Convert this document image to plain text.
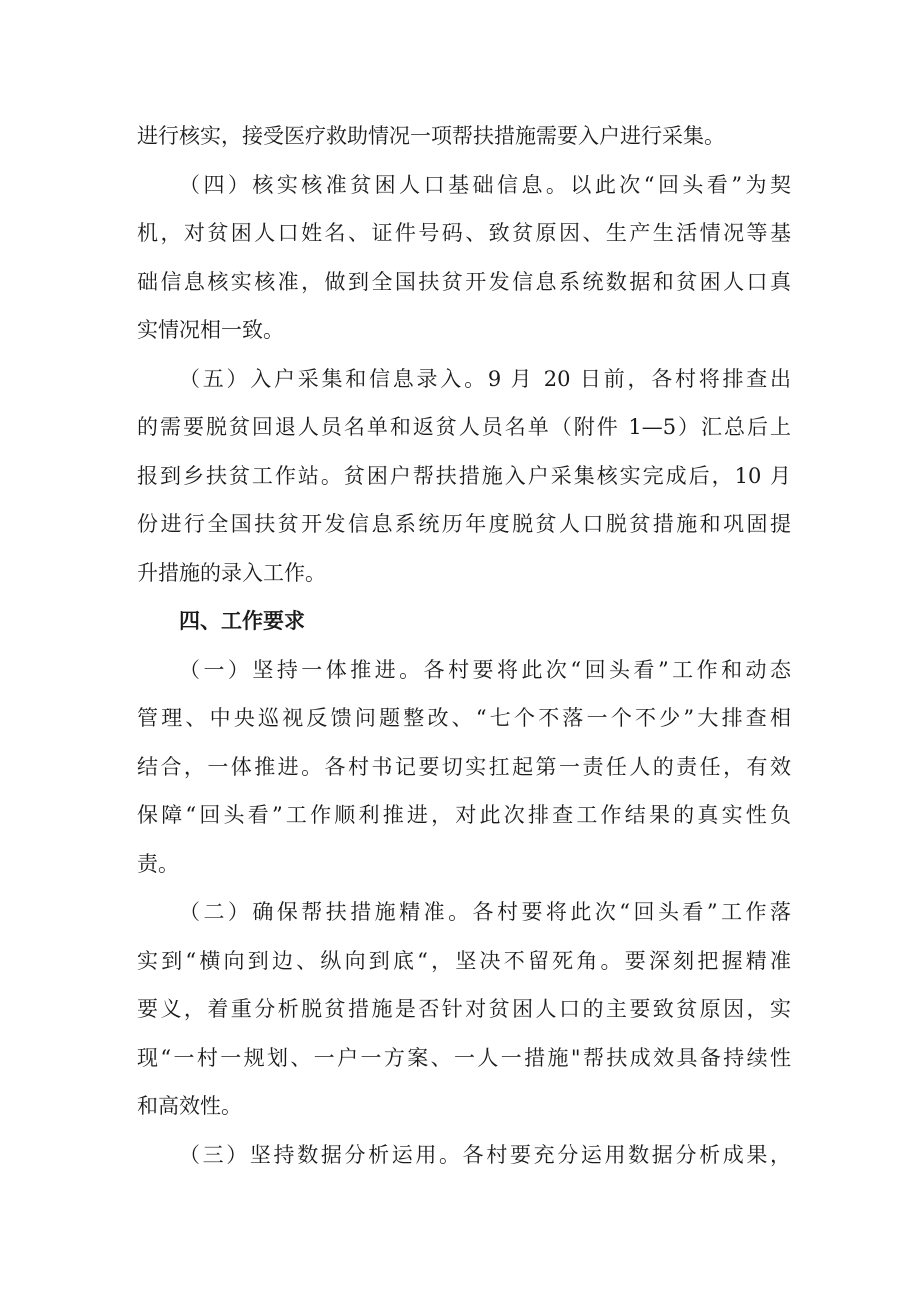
进行核实，接受医疗救助情况一项帮扶措施需要入户进行采集。
（四）核实核准贫困人口基础信息。以此次“回头看”为契
机，对贫困人口姓名、证件号码、致贫原因、生产生活情况等基
础信息核实核准，做到全国扶贫开发信息系统数据和贫困人口真
实情况相一致。
（五）入户采集和信息录入。9 月 20 日前，各村将排查出
的需要脱贫回退人员名单和返贫人员名单（附件 1—5）汇总后上
报到乡扶贫工作站。贫困户帮扶措施入户采集核实完成后，10 月
份进行全国扶贫开发信息系统历年度脱贫人口脱贫措施和巩固提
升措施的录入工作。
四、工作要求
（一）坚持一体推进。各村要将此次“回头看”工作和动态
管理、中央巡视反馈问题整改、“七个不落一个不少”大排查相
结合，一体推进。各村书记要切实扛起第一责任人的责任，有效
保障“回头看”工作顺利推进，对此次排查工作结果的真实性负
责。
（二）确保帮扶措施精准。各村要将此次“回头看”工作落
实到“横向到边、纵向到底“，坚决不留死角。要深刻把握精准
要义，着重分析脱贫措施是否针对贫困人口的主要致贫原因，实
现“一村一规划、一户一方案、一人一措施"帮扶成效具备持续性
和高效性。
（三）坚持数据分析运用。各村要充分运用数据分析成果，
